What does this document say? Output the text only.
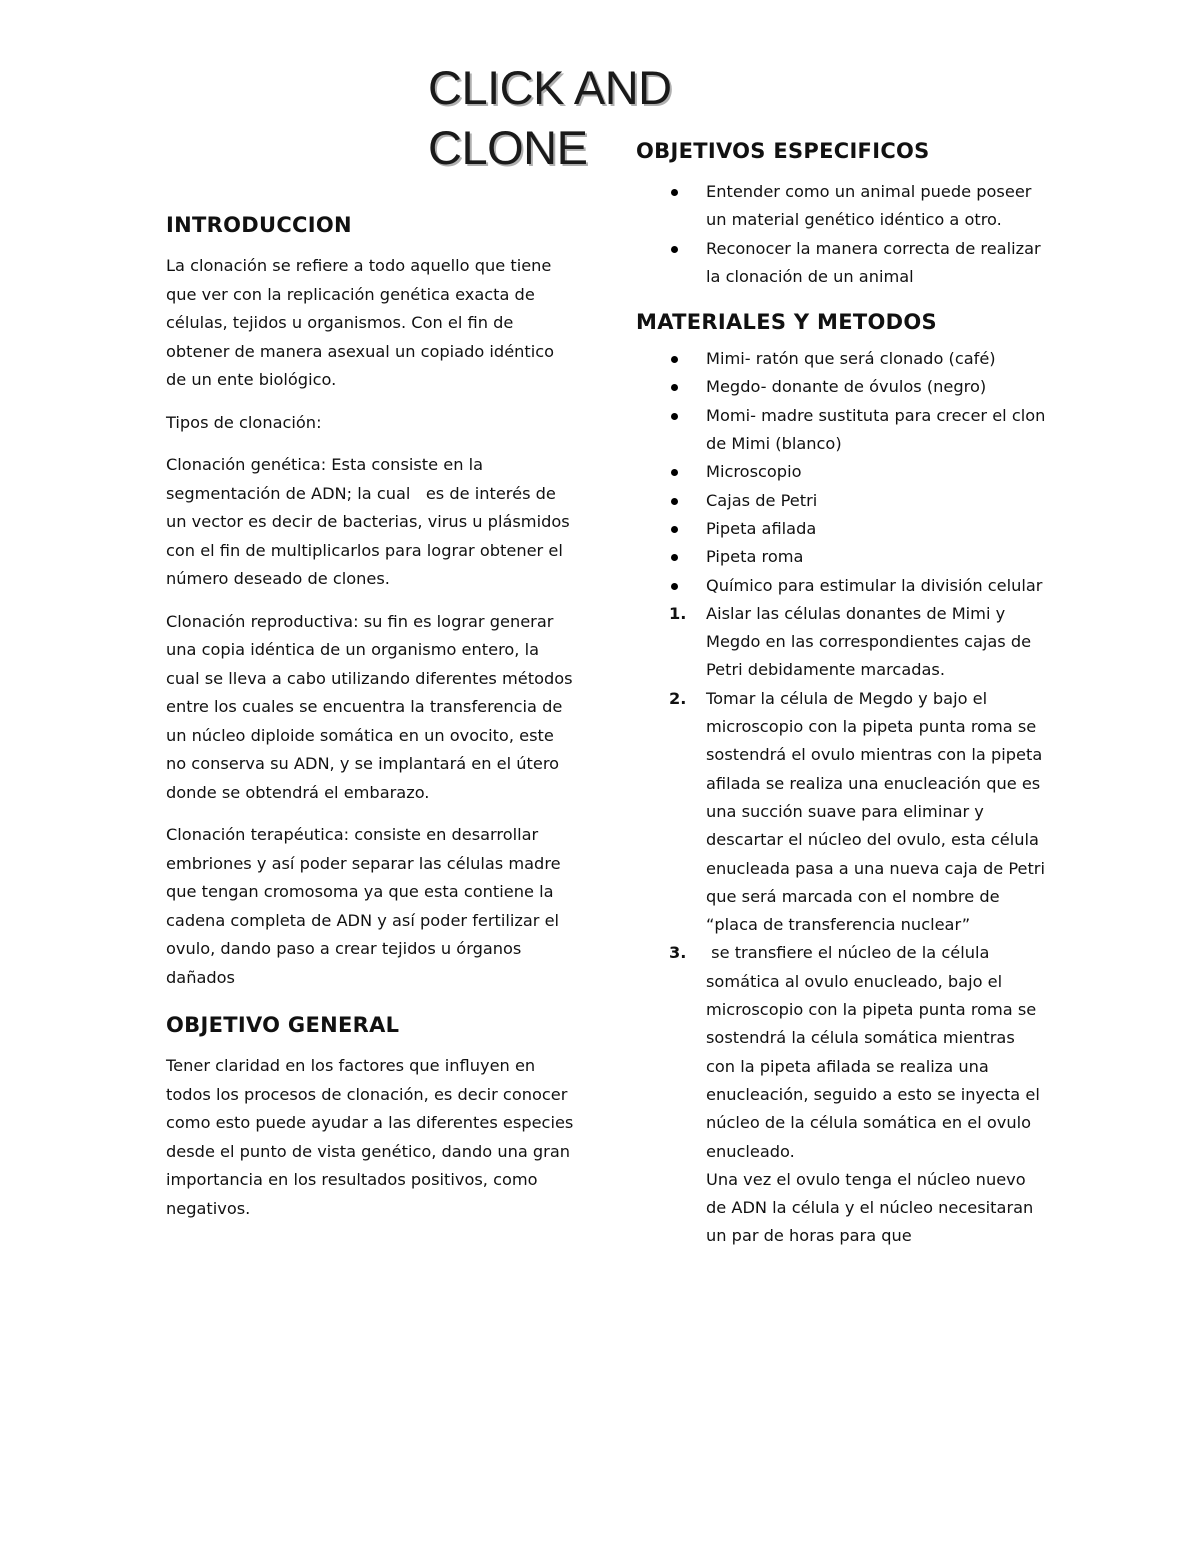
CLICK AND
CLONE
INTRODUCCION

La clonación se refiere a todo aquello que tiene que ver con la replicación genética exacta de células, tejidos u organismos. Con el fin de obtener de manera asexual un copiado idéntico de un ente biológico.

Tipos de clonación:

Clonación genética: Esta consiste en la segmentación de ADN; la cual   es de interés de un vector es decir de bacterias, virus u plásmidos con el fin de multiplicarlos para lograr obtener el número deseado de clones.

Clonación reproductiva: su fin es lograr generar una copia idéntica de un organismo entero, la cual se lleva a cabo utilizando diferentes métodos entre los cuales se encuentra la transferencia de un núcleo diploide somática en un ovocito, este no conserva su ADN, y se implantará en el útero donde se obtendrá el embarazo.

Clonación terapéutica: consiste en desarrollar embriones y así poder separar las células madre que tengan cromosoma ya que esta contiene la cadena completa de ADN y así poder fertilizar el ovulo, dando paso a crear tejidos u órganos dañados

OBJETIVO GENERAL

Tener claridad en los factores que influyen en todos los procesos de clonación, es decir conocer como esto puede ayudar a las diferentes especies desde el punto de vista genético, dando una gran importancia en los resultados positivos, como negativos.

OBJETIVOS ESPECIFICOS
Entender como un animal puede poseer un material genético idéntico a otro.
Reconocer la manera correcta de realizar la clonación de un animal
MATERIALES Y METODOS
Mimi- ratón que será clonado (café)
Megdo- donante de óvulos (negro)
Momi- madre sustituta para crecer el clon de Mimi (blanco)
Microscopio
Cajas de Petri
Pipeta afilada
Pipeta roma
Químico para estimular la división celular
1. Aislar las células donantes de Mimi y Megdo en las correspondientes cajas de Petri debidamente marcadas.
2. Tomar la célula de Megdo y bajo el microscopio con la pipeta punta roma se sostendrá el ovulo mientras con la pipeta afilada se realiza una enucleación que es una succión suave para eliminar y descartar el núcleo del ovulo, esta célula enucleada pasa a una nueva caja de Petri que será marcada con el nombre de “placa de transferencia nuclear”
3. se transfiere el núcleo de la célula somática al ovulo enucleado, bajo el microscopio con la pipeta punta roma se sostendrá la célula somática mientras con la pipeta afilada se realiza una enucleación, seguido a esto se inyecta el núcleo de la célula somática en el ovulo enucleado.
Una vez el ovulo tenga el núcleo nuevo de ADN la célula y el núcleo necesitaran un par de horas para que
